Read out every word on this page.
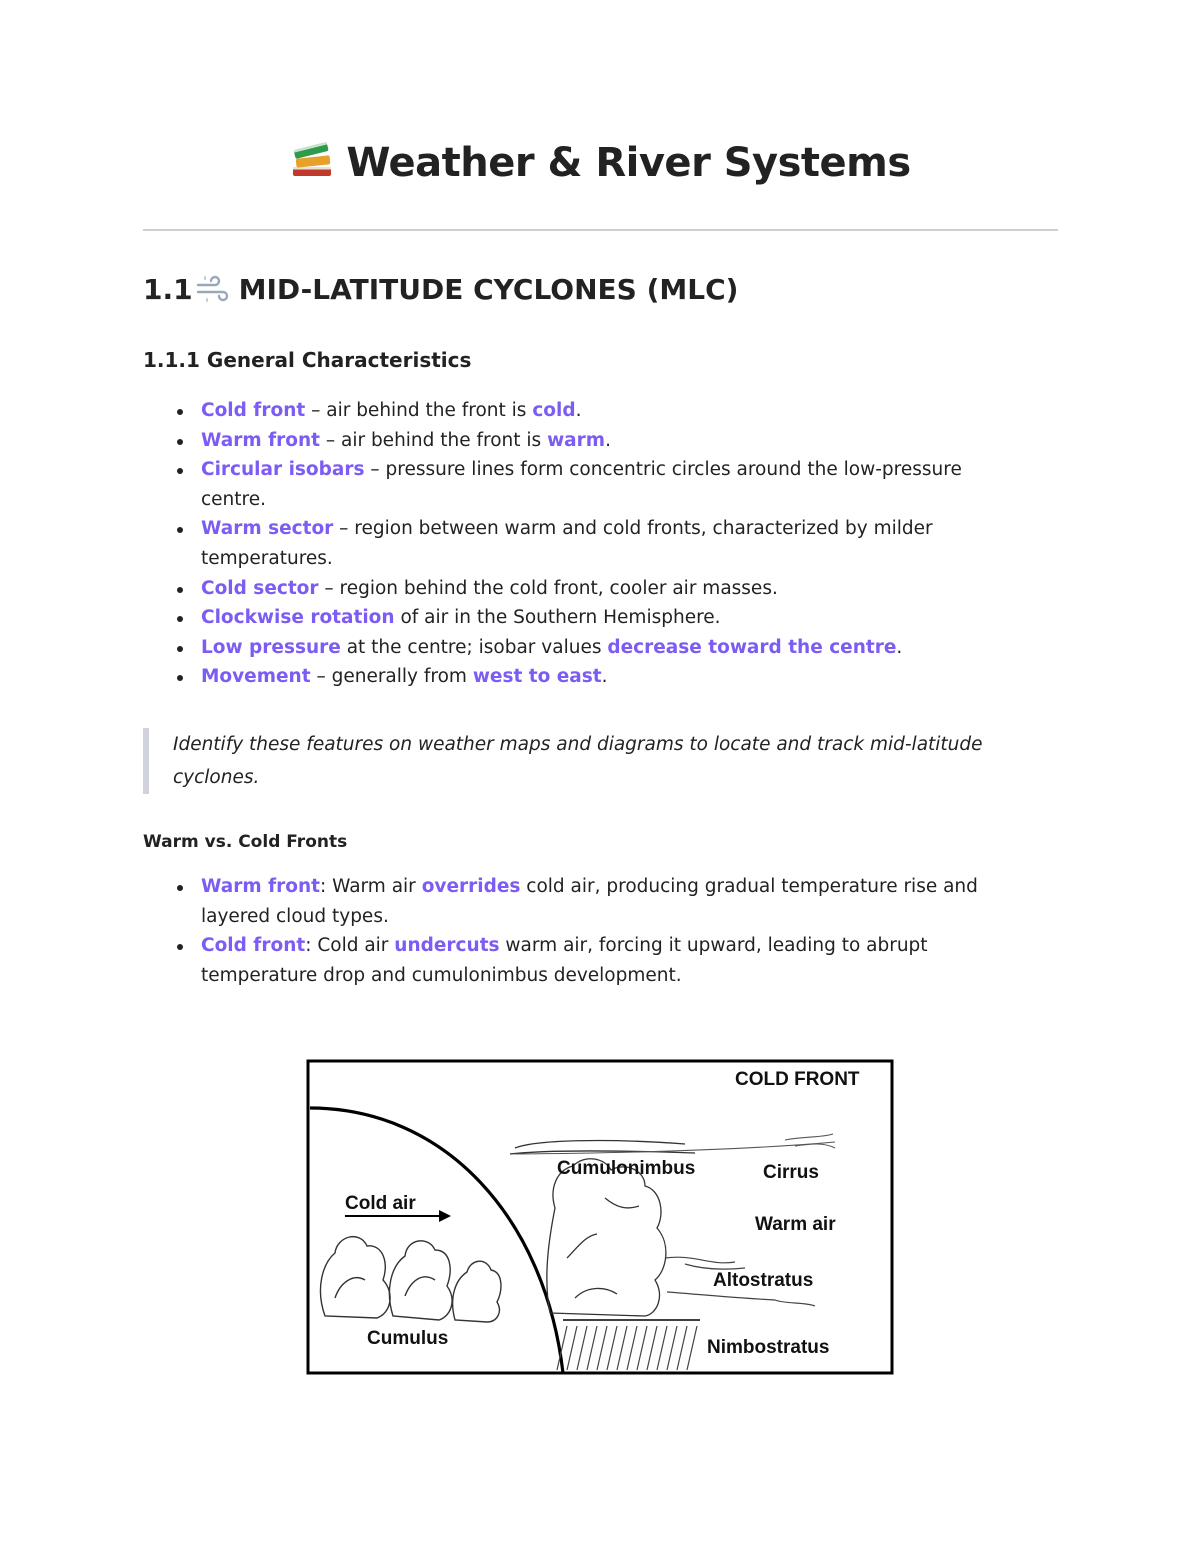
Weather & River Systems
1.1 MID-LATITUDE CYCLONES (MLC)
1.1.1 General Characteristics
Cold front – air behind the front is cold.
Warm front – air behind the front is warm.
Circular isobars – pressure lines form concentric circles around the low-pressure centre.
Warm sector – region between warm and cold fronts, characterized by milder temperatures.
Cold sector – region behind the cold front, cooler air masses.
Clockwise rotation of air in the Southern Hemisphere.
Low pressure at the centre; isobar values decrease toward the centre.
Movement – generally from west to east.

Identify these features on weather maps and diagrams to locate and track mid-latitude cyclones.

Warm vs. Cold Fronts
Warm front: Warm air overrides cold air, producing gradual temperature rise and layered cloud types.
Cold front: Cold air undercuts warm air, forcing it upward, leading to abrupt temperature drop and cumulonimbus development.
COLD FRONT
Cold air
Cumulus
Cumulonimbus	Cirrus
Warm air
Altostratus
Nimbostratus
